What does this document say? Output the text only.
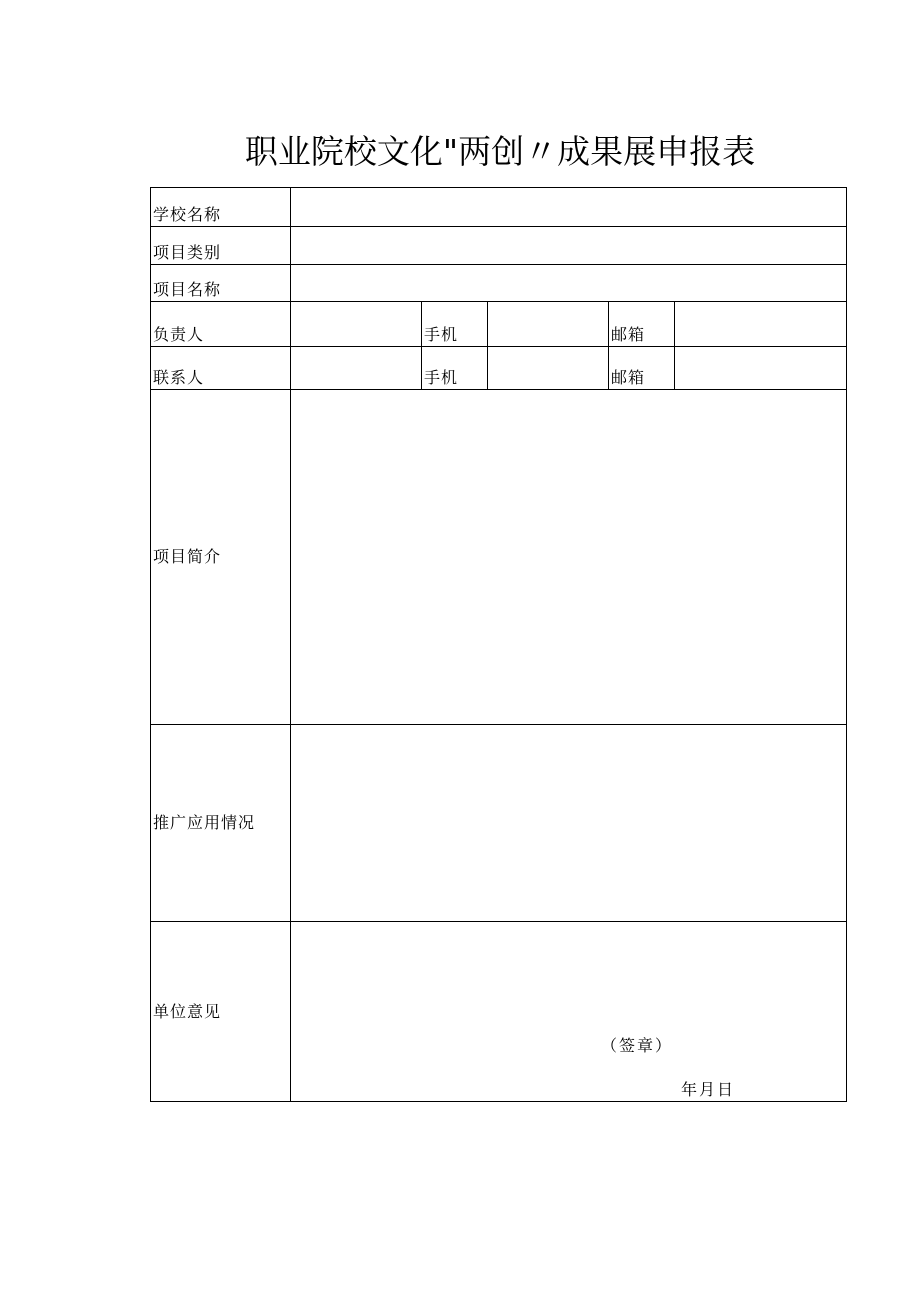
职业院校文化"两创〃成果展申报表
学校名称					
项目类别					
项目名称					
负责人		手机		邮箱	
联系人		手机		邮箱	
项目简介					
推广应用情况					
单位意见	（签章）
年月日				
